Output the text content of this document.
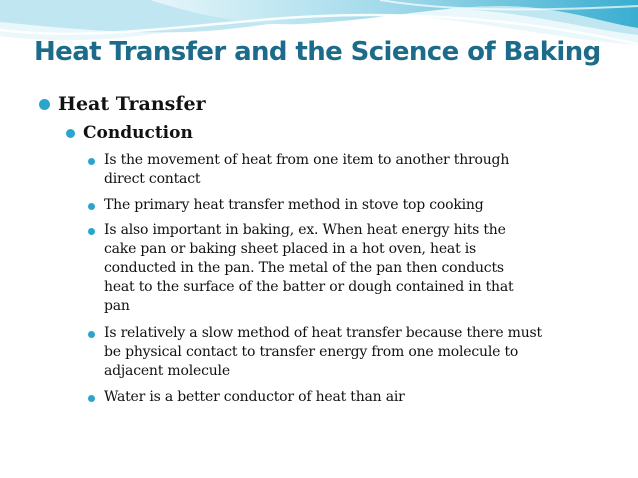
Heat Transfer and the Science of Baking
Heat Transfer
Conduction
Is the movement of heat from one item to another through
direct contact
The primary heat transfer method in stove top cooking
Is also important in baking, ex. When heat energy hits the
cake pan or baking sheet placed in a hot oven, heat is
conducted in the pan. The metal of the pan then conducts
heat to the surface of the batter or dough contained in that
pan
Is relatively a slow method of heat transfer because there must
be physical contact to transfer energy from one molecule to
adjacent molecule
Water is a better conductor of heat than air
